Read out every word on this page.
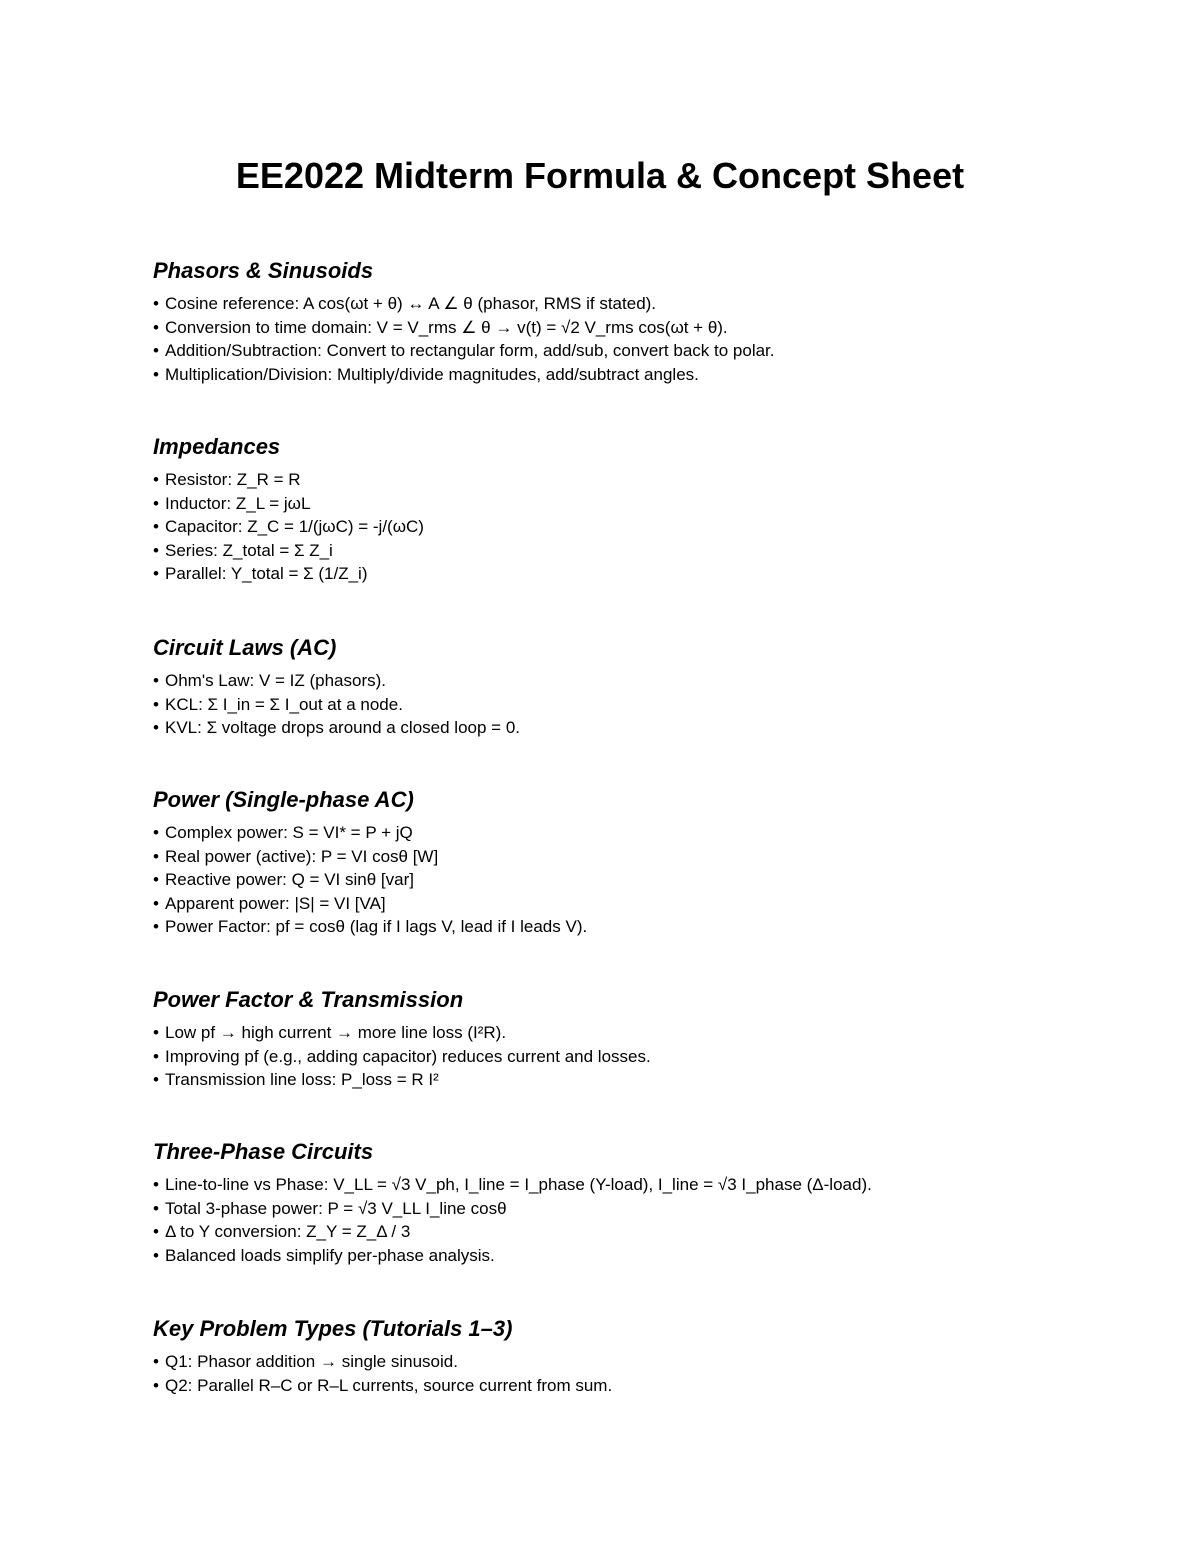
EE2022 Midterm Formula & Concept Sheet
Phasors & Sinusoids
• Cosine reference: A cos(ωt + θ) ↔ A ∠ θ (phasor, RMS if stated).
• Conversion to time domain: V = V_rms ∠ θ → v(t) = √2 V_rms cos(ωt + θ).
• Addition/Subtraction: Convert to rectangular form, add/sub, convert back to polar.
• Multiplication/Division: Multiply/divide magnitudes, add/subtract angles.
Impedances
• Resistor: Z_R = R
• Inductor: Z_L = jωL
• Capacitor: Z_C = 1/(jωC) = -j/(ωC)
• Series: Z_total = Σ Z_i
• Parallel: Y_total = Σ (1/Z_i)
Circuit Laws (AC)
• Ohm's Law: V = IZ (phasors).
• KCL: Σ I_in = Σ I_out at a node.
• KVL: Σ voltage drops around a closed loop = 0.
Power (Single-phase AC)
• Complex power: S = VI* = P + jQ
• Real power (active): P = VI cosθ [W]
• Reactive power: Q = VI sinθ [var]
• Apparent power: |S| = VI [VA]
• Power Factor: pf = cosθ (lag if I lags V, lead if I leads V).
Power Factor & Transmission
• Low pf → high current → more line loss (I²R).
• Improving pf (e.g., adding capacitor) reduces current and losses.
• Transmission line loss: P_loss = R I²
Three-Phase Circuits
• Line-to-line vs Phase: V_LL = √3 V_ph, I_line = I_phase (Y-load), I_line = √3 I_phase (Δ-load).
• Total 3-phase power: P = √3 V_LL I_line cosθ
• Δ to Y conversion: Z_Y = Z_Δ / 3
• Balanced loads simplify per-phase analysis.
Key Problem Types (Tutorials 1–3)
• Q1: Phasor addition → single sinusoid.
• Q2: Parallel R–C or R–L currents, source current from sum.
